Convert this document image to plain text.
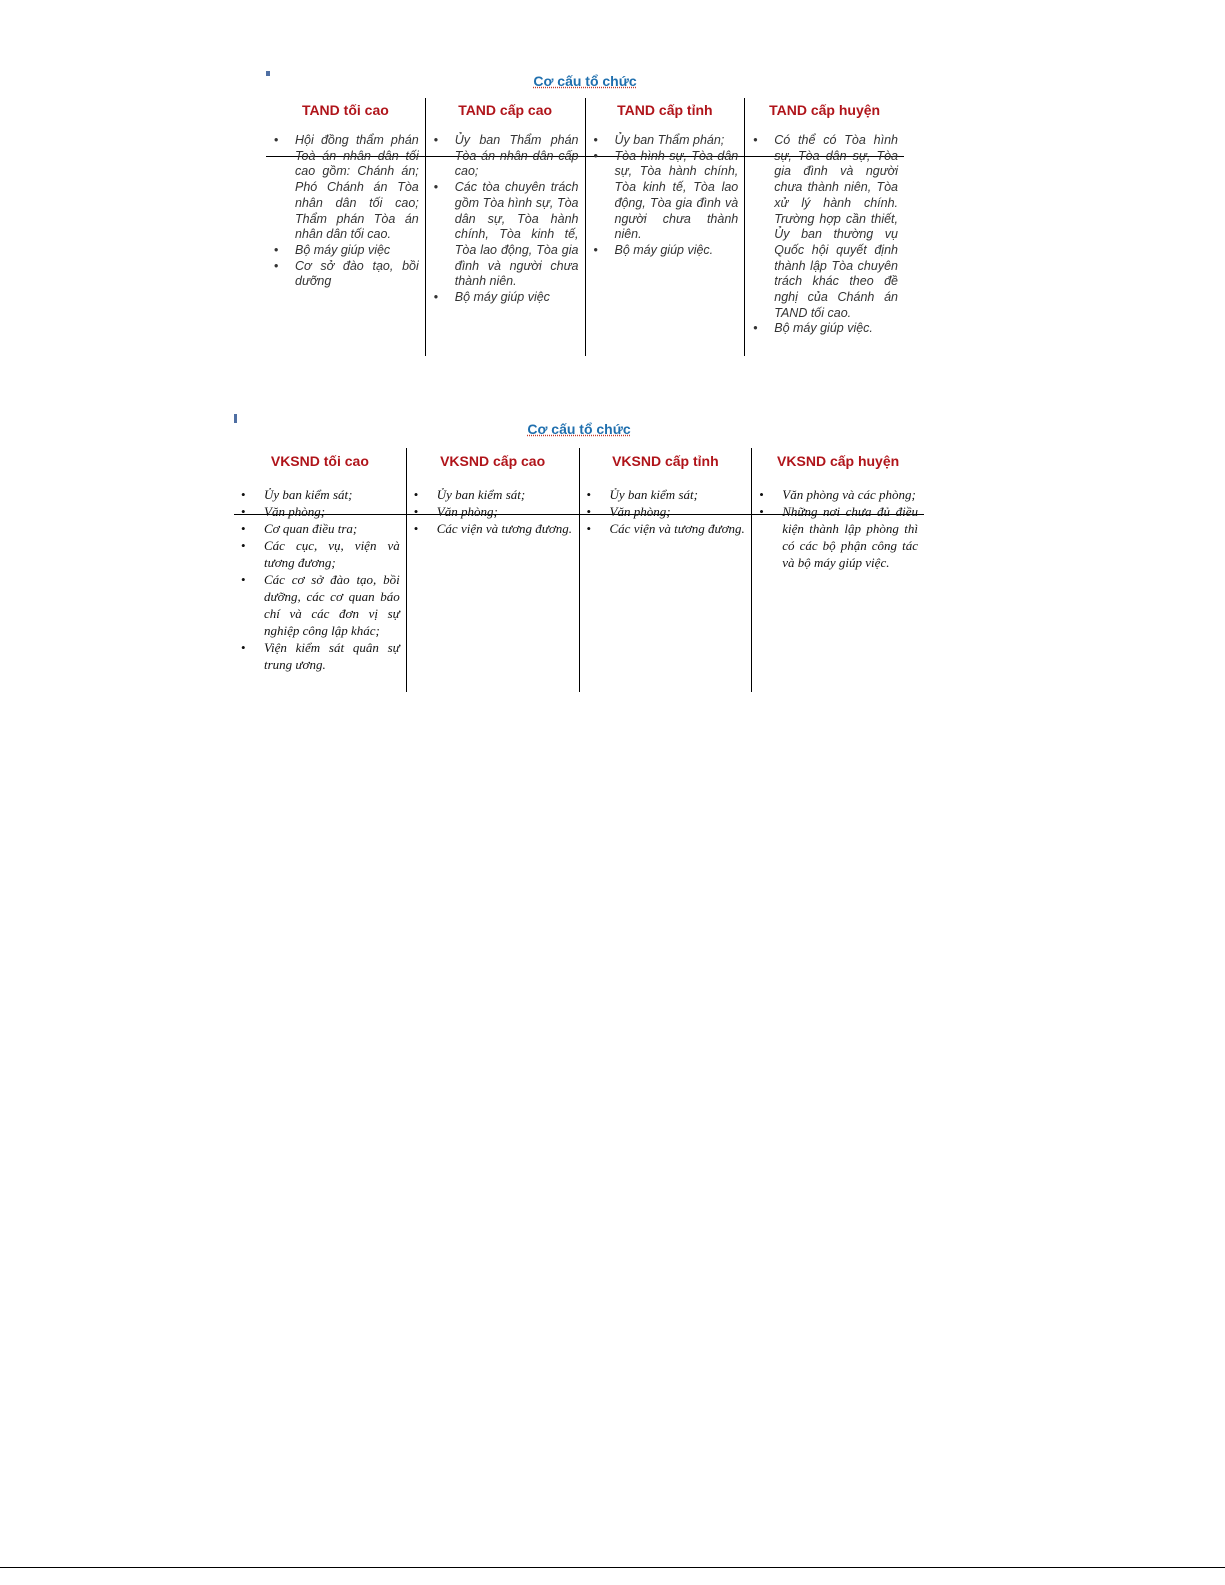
Cơ cấu tổ chức
TAND tối cao
• Hội đồng thẩm phán Toà án nhân dân tối cao gồm: Chánh án; Phó Chánh án Tòa nhân dân tối cao; Thẩm phán Tòa án nhân dân tối cao.
• Bộ máy giúp việc
• Cơ sở đào tạo, bồi dưỡng
TAND cấp cao
• Ủy ban Thẩm phán Tòa án nhân dân cấp cao;
• Các tòa chuyên trách gồm Tòa hình sự, Tòa dân sự, Tòa hành chính, Tòa kinh tế, Tòa lao động, Tòa gia đình và người chưa thành niên.
• Bộ máy giúp việc
TAND cấp tỉnh
• Ủy ban Thẩm phán;
• Tòa hình sự, Tòa dân sự, Tòa hành chính, Tòa kinh tế, Tòa lao động, Tòa gia đình và người chưa thành niên.
• Bộ máy giúp việc.
TAND cấp huyện
• Có thể có Tòa hình sự, Tòa dân sự, Tòa gia đình và người chưa thành niên, Tòa xử lý hành chính. Trường hợp cần thiết, Ủy ban thường vụ Quốc hội quyết định thành lập Tòa chuyên trách khác theo đề nghị của Chánh án TAND tối cao.
• Bộ máy giúp việc.
Cơ cấu tổ chức
VKSND tối cao
• Ủy ban kiểm sát;
• Văn phòng;
• Cơ quan điều tra;
• Các cục, vụ, viện và tương đương;
• Các cơ sở đào tạo, bồi dưỡng, các cơ quan báo chí và các đơn vị sự nghiệp công lập khác;
• Viện kiểm sát quân sự trung ương.
VKSND cấp cao
• Ủy ban kiểm sát;
• Văn phòng;
• Các viện và tương đương.
VKSND cấp tỉnh
• Ủy ban kiểm sát;
• Văn phòng;
• Các viện và tương đương.
VKSND cấp huyện
• Văn phòng và các phòng;
• Những nơi chưa đủ điều kiện thành lập phòng thì có các bộ phận công tác và bộ máy giúp việc.
